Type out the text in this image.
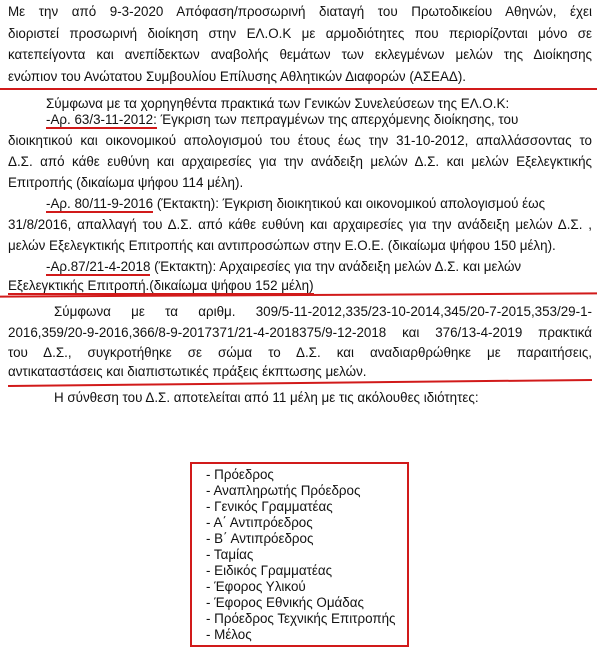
Με την από 9-3-2020 Απόφαση/προσωρινή διαταγή του Πρωτοδικείου Αθηνών, έχει
διοριστεί προσωρινή διοίκηση στην ΕΛ.Ο.Κ με αρμοδιότητες που περιορίζονται μόνο σε
κατεπείγοντα και ανεπίδεκτων αναβολής θεμάτων των εκλεγμένων μελών της Διοίκησης
ενώπιον του Ανώτατου Συμβουλίου Επίλυσης Αθλητικών Διαφορών (ΑΣΕΑΔ).
Σύμφωνα με τα χορηγηθέντα πρακτικά των Γενικών Συνελεύσεων της ΕΛ.Ο.Κ:
-Αρ. 63/3-11-2012: Έγκριση των πεπραγμένων της απερχόμενης διοίκησης, του
διοικητικού και οικονομικού απολογισμού του έτους έως την 31-10-2012, απαλλάσσοντας το
Δ.Σ. από κάθε ευθύνη και αρχαιρεσίες για την ανάδειξη μελών Δ.Σ. και μελών Εξελεγκτικής
Επιτροπής (δικαίωμα ψήφου 114 μέλη).
-Αρ. 80/11-9-2016 (Έκτακτη): Έγκριση διοικητικού και οικονομικού απολογισμού έως
31/8/2016, απαλλαγή του Δ.Σ. από κάθε ευθύνη και αρχαιρεσίες για την ανάδειξη μελών Δ.Σ. ,
μελών Εξελεγκτικής Επιτροπής και αντιπροσώπων στην Ε.Ο.Ε. (δικαίωμα ψήφου 150 μέλη).
-Αρ.87/21-4-2018 (Έκτακτη): Αρχαιρεσίες για την ανάδειξη μελών Δ.Σ. και μελών
Εξελεγκτικής Επιτροπή.(δικαίωμα ψήφου 152 μέλη)
Σύμφωνα με τα αριθμ. 309/5-11-2012,335/23-10-2014,345/20-7-2015,353/29-1-
2016,359/20-9-2016,366/8-9-2017371/21-4-2018375/9-12-2018 και 376/13-4-2019 πρακτικά
του Δ.Σ., συγκροτήθηκε σε σώμα το Δ.Σ. και αναδιαρθρώθηκε με παραιτήσεις,
αντικαταστάσεις και διαπιστωτικές πράξεις έκπτωσης μελών.
Η σύνθεση του Δ.Σ. αποτελείται από 11 μέλη με τις ακόλουθες ιδιότητες:
- Πρόεδρος
- Αναπληρωτής Πρόεδρος
- Γενικός Γραμματέας
- Α΄ Αντιπρόεδρος
- Β΄ Αντιπρόεδρος
- Ταμίας
- Ειδικός Γραμματέας
- Έφορος Υλικού
- Έφορος Εθνικής Ομάδας
- Πρόεδρος Τεχνικής Επιτροπής
- Μέλος
